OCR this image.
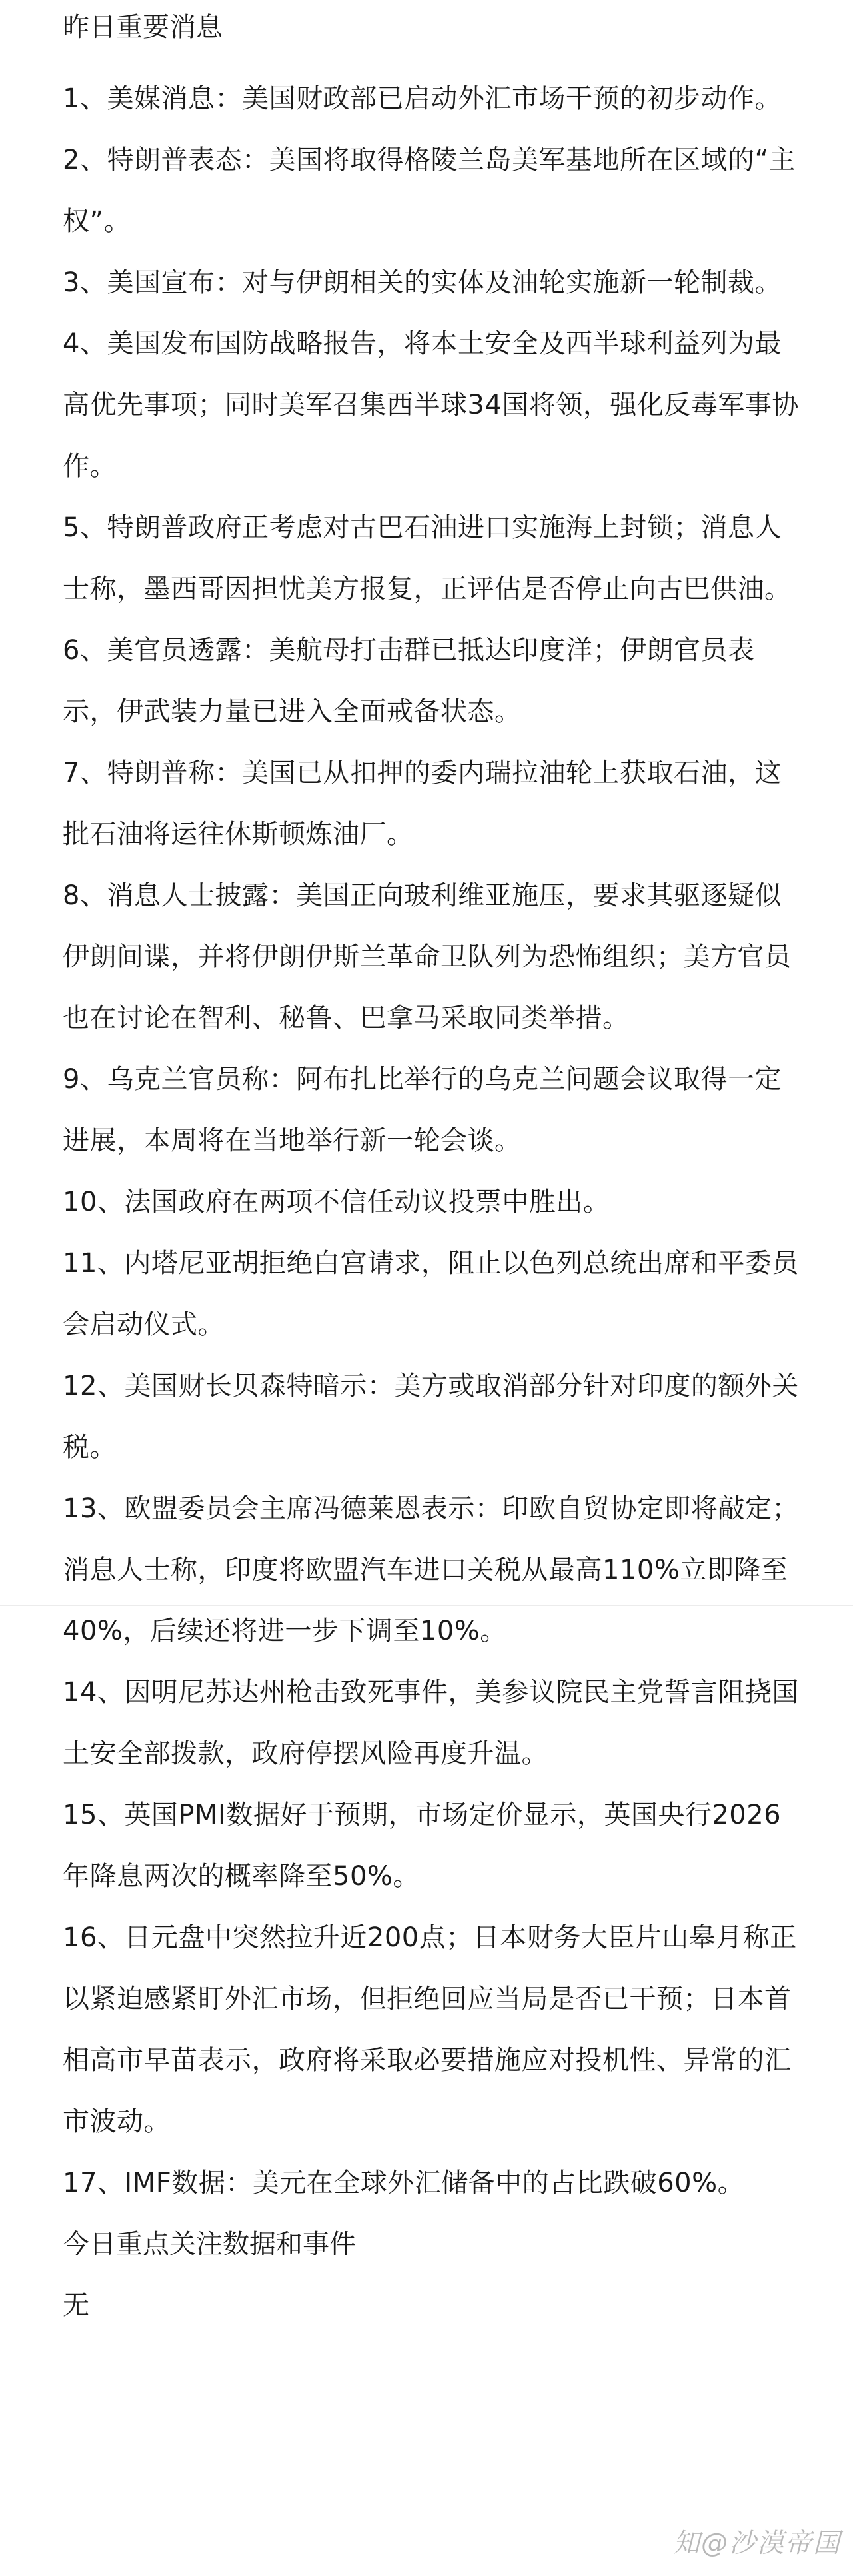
昨日重要消息

1、美媒消息：美国财政部已启动外汇市场干预的初步动作。

2、特朗普表态：美国将取得格陵兰岛美军基地所在区域的“主权”。

3、美国宣布：对与伊朗相关的实体及油轮实施新一轮制裁。

4、美国发布国防战略报告，将本土安全及西半球利益列为最高优先事项；同时美军召集西半球34国将领，强化反毒军事协作。

5、特朗普政府正考虑对古巴石油进口实施海上封锁；消息人士称，墨西哥因担忧美方报复，正评估是否停止向古巴供油。

6、美官员透露：美航母打击群已抵达印度洋；伊朗官员表示，伊武装力量已进入全面戒备状态。

7、特朗普称：美国已从扣押的委内瑞拉油轮上获取石油，这批石油将运往休斯顿炼油厂。

8、消息人士披露：美国正向玻利维亚施压，要求其驱逐疑似伊朗间谍，并将伊朗伊斯兰革命卫队列为恐怖组织；美方官员也在讨论在智利、秘鲁、巴拿马采取同类举措。

9、乌克兰官员称：阿布扎比举行的乌克兰问题会议取得一定进展，本周将在当地举行新一轮会谈。

10、法国政府在两项不信任动议投票中胜出。

11、内塔尼亚胡拒绝白宫请求，阻止以色列总统出席和平委员会启动仪式。

12、美国财长贝森特暗示：美方或取消部分针对印度的额外关税。

13、欧盟委员会主席冯德莱恩表示：印欧自贸协定即将敲定；消息人士称，印度将欧盟汽车进口关税从最高110%立即降至40%，后续还将进一步下调至10%。

14、因明尼苏达州枪击致死事件，美参议院民主党誓言阻挠国土安全部拨款，政府停摆风险再度升温。

15、英国PMI数据好于预期，市场定价显示，英国央行2026年降息两次的概率降至50%。

16、日元盘中突然拉升近200点；日本财务大臣片山皋月称正以紧迫感紧盯外汇市场，但拒绝回应当局是否已干预；日本首相高市早苗表示，政府将采取必要措施应对投机性、异常的汇市波动。

17、IMF数据：美元在全球外汇储备中的占比跌破60%。

今日重点关注数据和事件

无

知@沙漠帝国
